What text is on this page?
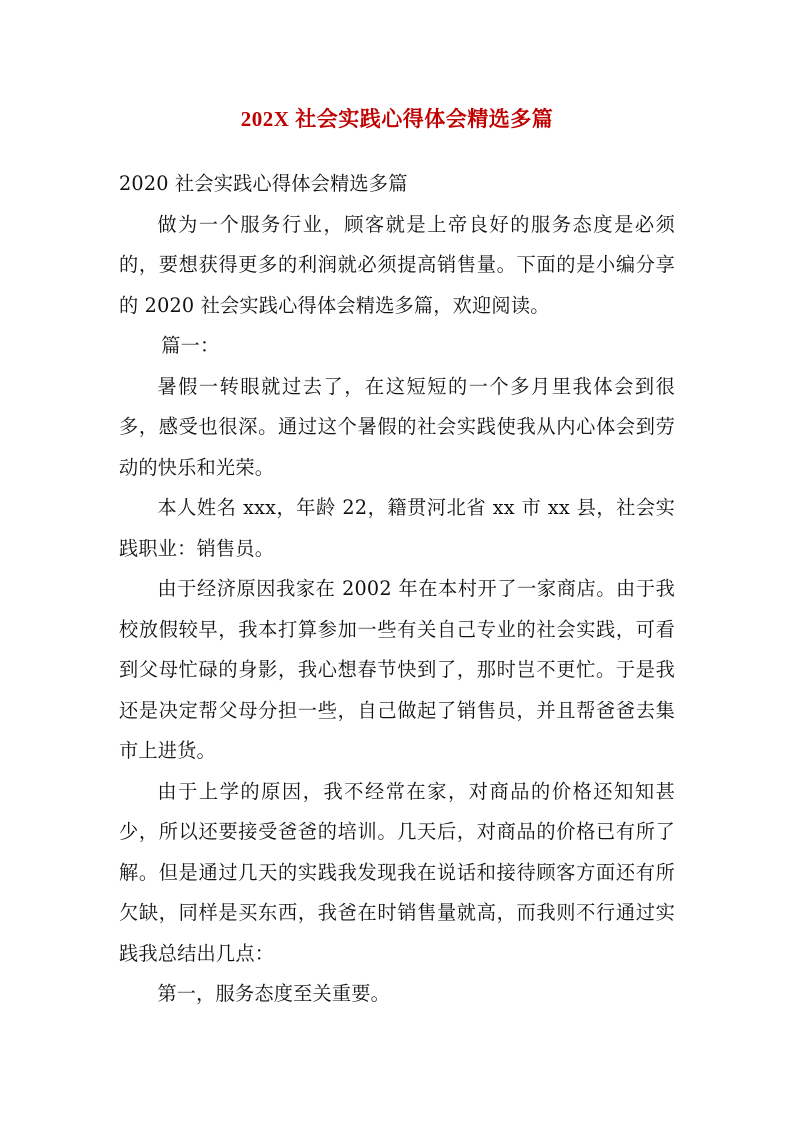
202X 社会实践心得体会精选多篇

2020 社会实践心得体会精选多篇

做为一个服务行业，顾客就是上帝良好的服务态度是必须的，要想获得更多的利润就必须提高销售量。下面的是小编分享的 2020 社会实践心得体会精选多篇，欢迎阅读。

篇一：

暑假一转眼就过去了，在这短短的一个多月里我体会到很多，感受也很深。通过这个暑假的社会实践使我从内心体会到劳动的快乐和光荣。

本人姓名 xxx，年龄 22，籍贯河北省 xx 市 xx 县，社会实践职业：销售员。

由于经济原因我家在 2002 年在本村开了一家商店。由于我校放假较早，我本打算参加一些有关自己专业的社会实践，可看到父母忙碌的身影，我心想春节快到了，那时岂不更忙。于是我还是决定帮父母分担一些，自己做起了销售员，并且帮爸爸去集市上进货。

由于上学的原因，我不经常在家，对商品的价格还知知甚少，所以还要接受爸爸的培训。几天后，对商品的价格已有所了解。但是通过几天的实践我发现我在说话和接待顾客方面还有所欠缺，同样是买东西，我爸在时销售量就高，而我则不行通过实践我总结出几点：

第一，服务态度至关重要。
